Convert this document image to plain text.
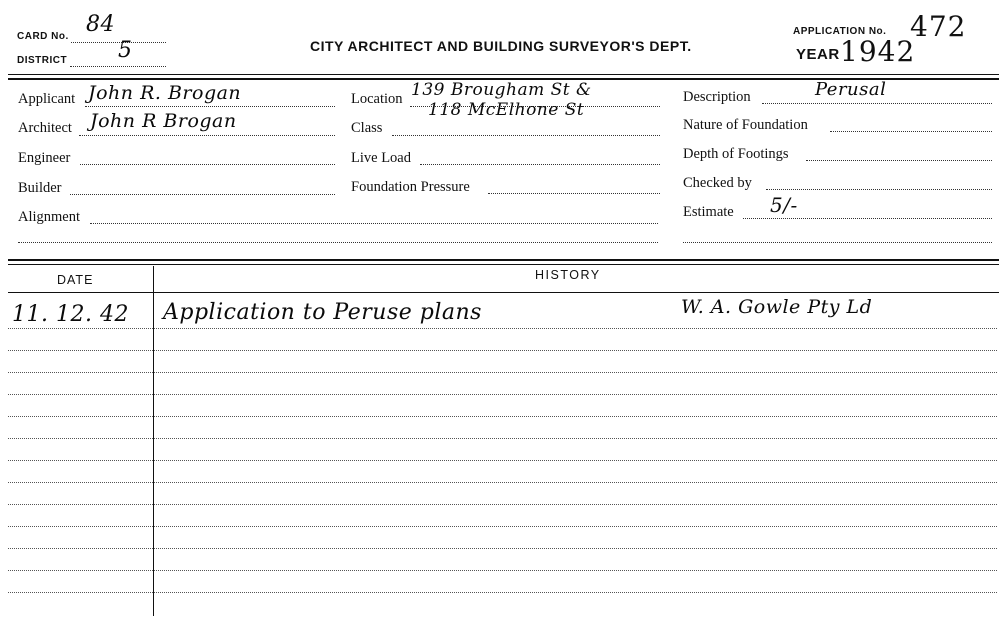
CARD No. 84
DISTRICT 5	CITY ARCHITECT AND BUILDING SURVEYOR'S DEPT.
APPLICATION No. 472
YEAR 1942
Applicant John R. Brogan
Architect John R Brogan
Engineer
Builder
Alignment
Location 139 Brougham St &
118 McElhone St
Class
Live Load
Foundation Pressure
Description	Perusal
Nature of Foundation
Depth of Footings
Checked by
Estimate 5/-
DATE	HISTORY
11. 12. 42 Application to Peruse plans	W. A. Gowle Pty Ld
